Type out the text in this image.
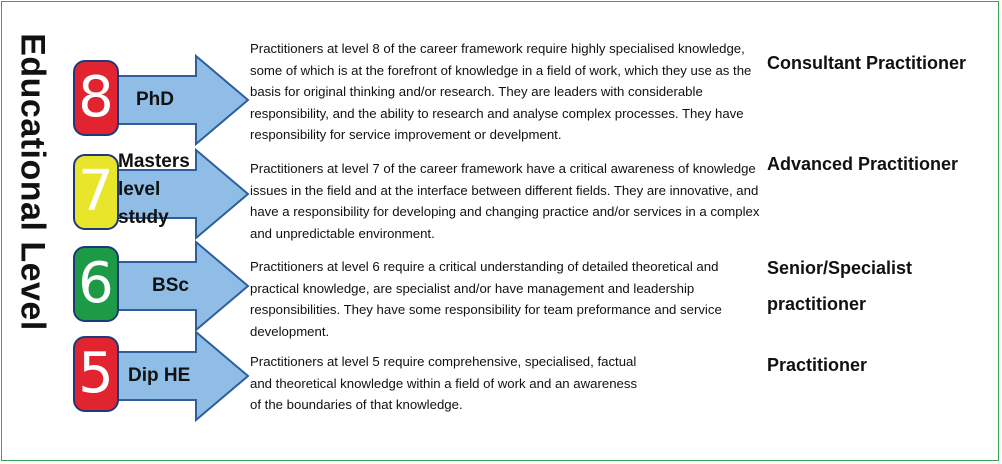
Educational Level 8 PhD

Practitioners at level 8 of the career framework require highly specialised knowledge, some of which is at the forefront of knowledge in a field of work, which they use as the basis for original thinking and/or research. They are leaders with considerable responsibility, and the ability to research and analyse complex processes. They have responsibility for service improvement or develpment.

Consultant Practitioner
7 Masters
level
study

Practitioners at level 7 of the career framework have a critical awareness of knowledge issues in the field and at the interface between different fields. They are innovative, and have a responsibility for developing and changing practice and/or services in a complex and unpredictable environment.

Advanced Practitioner
6 BSc

Practitioners at level 6 require a critical understanding of detailed theoretical and practical knowledge, are specialist and/or have management and leadership responsibilities. They have some responsibility for team preformance and service development.

Senior/Specialist
practitioner
5 Dip HE

Practitioners at level 5 require comprehensive, specialised, factual and theoretical knowledge within a field of work and an awareness of the boundaries of that knowledge.

Practitioner
